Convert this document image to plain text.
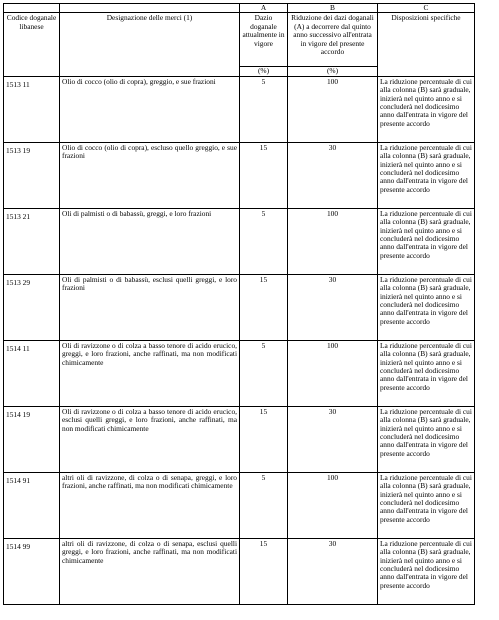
		A	B	C
Codice doganale libanese	Designazione delle merci (1)	Dazio doganale attualmente in vigore	Riduzione dei dazi doganali (A) a decorrere dal quinto anno successivo all'entrata in vigore del presente accordo	Disposizioni specifiche
		(%)	(%)	
1513 11	Olio di cocco (olio di copra), greggio, e sue frazioni	5	100	La riduzione percentuale di cui alla colonna (B) sarà graduale, inizierà nel quinto anno e si concluderà nel dodicesimo anno dall'entrata in vigore del presente accordo
1513 19	Olio di cocco (olio di copra), escluso quello greggio, e sue frazioni	15	30	La riduzione percentuale di cui alla colonna (B) sarà graduale, inizierà nel quinto anno e si concluderà nel dodicesimo anno dall'entrata in vigore del presente accordo
1513 21	Oli di palmisti o di babassù, greggi, e loro frazioni	5	100	La riduzione percentuale di cui alla colonna (B) sarà graduale, inizierà nel quinto anno e si concluderà nel dodicesimo anno dall'entrata in vigore del presente accordo
1513 29	Oli di palmisti o di babassù, esclusi quelli greggi, e loro frazioni	15	30	La riduzione percentuale di cui alla colonna (B) sarà graduale, inizierà nel quinto anno e si concluderà nel dodicesimo anno dall'entrata in vigore del presente accordo
1514 11	Oli di ravizzone o di colza a basso tenore di acido erucico, greggi, e loro frazioni, anche raffinati, ma non modificati chimicamente	5	100	La riduzione percentuale di cui alla colonna (B) sarà graduale, inizierà nel quinto anno e si concluderà nel dodicesimo anno dall'entrata in vigore del presente accordo
1514 19	Oli di ravizzone o di colza a basso tenore di acido erucico, esclusi quelli greggi, e loro frazioni, anche raffinati, ma non modificati chimicamente	15	30	La riduzione percentuale di cui alla colonna (B) sarà graduale, inizierà nel quinto anno e si concluderà nel dodicesimo anno dall'entrata in vigore del presente accordo
1514 91	altri oli di ravizzone, di colza o di senapa, greggi, e loro frazioni, anche raffinati, ma non modificati chimicamente	5	100	La riduzione percentuale di cui alla colonna (B) sarà graduale, inizierà nel quinto anno e si concluderà nel dodicesimo anno dall'entrata in vigore del presente accordo
1514 99	altri oli di ravizzone, di colza o di senapa, esclusi quelli greggi, e loro frazioni, anche raffinati, ma non modificati chimicamente	15	30	La riduzione percentuale di cui alla colonna (B) sarà graduale, inizierà nel quinto anno e si concluderà nel dodicesimo anno dall'entrata in vigore del presente accordo
